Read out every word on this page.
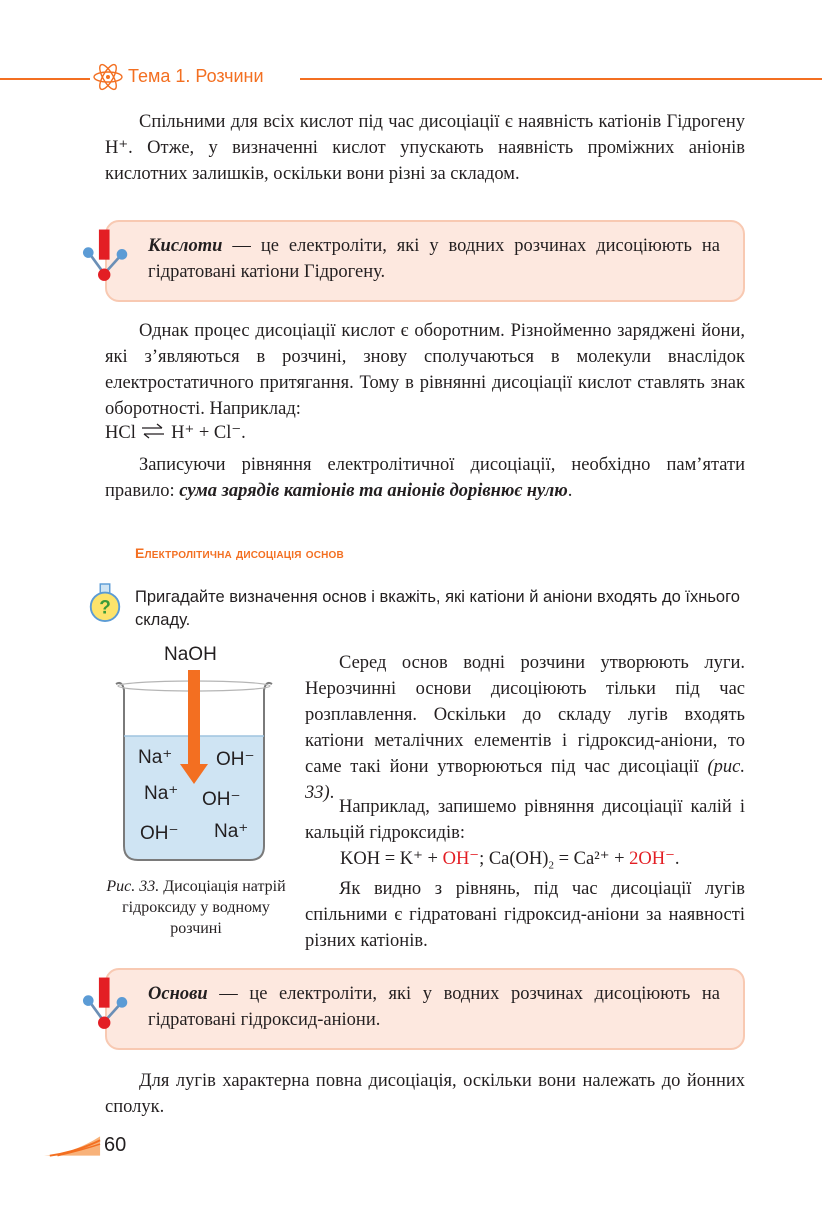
Тема 1. Розчини

Спільними для всіх кислот під час дисоціації є наявність катіонів Гідрогену H⁺. Отже, у визначенні кислот упускають наявність проміжних аніонів кислотних залишків, оскільки вони різні за складом.

Кислоти — це електроліти, які у водних розчинах дисоціюють на гідратовані катіони Гідрогену.

Однак процес дисоціації кислот є оборотним. Різнойменно заряджені йони, які з’являються в розчині, знову сполучаються в молекули внаслідок електростатичного притягання. Тому в рівнянні дисоціації кислот ставлять знак оборотності. Наприклад:

HCl ⇌ H⁺ + Cl⁻.

Записуючи рівняння електролітичної дисоціації, необхідно пам’ятати правило: сума зарядів катіонів та аніонів дорівнює нулю.

Електролітична дисоціація основ
?

Пригадайте визначення основ і вкажіть, які катіони й аніони входять до їхнього складу.

NaOH
Na⁺ OH⁻
Na⁺ OH⁻
OH⁻ Na⁺

Рис. 33. Дисоціація натрій гідроксиду у водному розчині

Серед основ водні розчини утворюють луги. Нерозчинні основи дисоціюють тільки під час розплавлення. Оскільки до складу лугів входять катіони металічних елементів і гідроксид-аніони, то саме такі йони утворюються під час дисоціації (рис. 33).

Наприклад, запишемо рівняння дисоціації калій і кальцій гідроксидів:

KOH = K⁺ + OH⁻; $Ca(OH)_2 = Ca^{2+} + 2OH^-$.

Як видно з рівнянь, під час дисоціації лугів спільними є гідратовані гідроксид-аніони за наявності різних катіонів.

Основи — це електроліти, які у водних розчинах дисоціюють на гідратовані гідроксид-аніони.

Для лугів характерна повна дисоціація, оскільки вони належать до йонних сполук.

60
